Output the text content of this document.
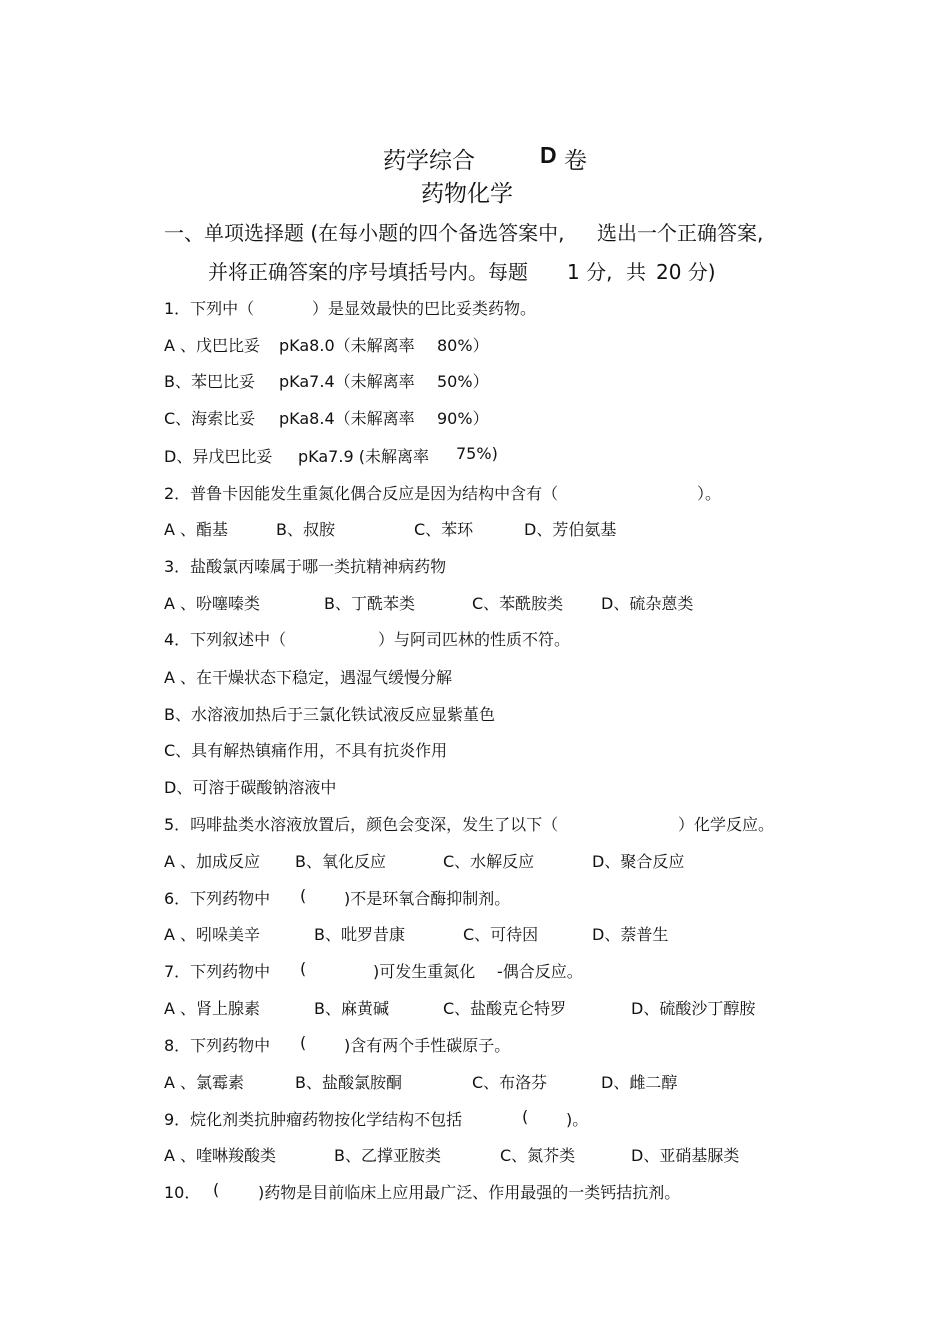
药学综合	D 卷
药物化学
一、单项选择题 (在每小题的四个备选答案中, 选出一个正确答案,
并将正确答案的序号填括号内。每题 1 分, 共 20 分)
1．下列中（	）是显效最快的巴比妥类药物。
A 、戊巴比妥 pKa8.0（未解离率 80%）
B、苯巴比妥 pKa7.4（未解离率 50%）
C、海索比妥 pKa8.4（未解离率 90%）
D、异戊巴比妥 pKa7.9 (未解离率 75%)
2．普鲁卡因能发生重氮化偶合反应是因为结构中含有（	）。
A 、酯基	B、叔胺	C、苯环	D、芳伯氨基
3．盐酸氯丙嗪属于哪一类抗精神病药物
A 、吩噻嗪类	B、丁酰苯类	C、苯酰胺类 D、硫杂蒽类
4．下列叙述中（	）与阿司匹林的性质不符。
A 、在干燥状态下稳定，遇湿气缓慢分解
B、水溶液加热后于三氯化铁试液反应显紫堇色
C、具有解热镇痛作用，不具有抗炎作用
D、可溶于碳酸钠溶液中
5．吗啡盐类水溶液放置后，颜色会变深，发生了以下（	）化学反应。
A 、加成反应 B、氧化反应	C、水解反应	D、聚合反应
6．下列药物中 ( )不是环氧合酶抑制剂。
A 、吲哚美辛	B、吡罗昔康	C、可待因	D、萘普生
7．下列药物中 (	)可发生重氮化 -偶合反应。
A 、肾上腺素	B、麻黄碱	C、盐酸克仑特罗	D、硫酸沙丁醇胺
8．下列药物中 ( )含有两个手性碳原子。
A 、氯霉素	B、盐酸氯胺酮	C、布洛芬	D、雌二醇
9．烷化剂类抗肿瘤药物按化学结构不包括	( )。
A 、喹啉羧酸类	B、乙撑亚胺类	C、氮芥类	D、亚硝基脲类
10． ( )药物是目前临床上应用最广泛、作用最强的一类钙拮抗剂。
